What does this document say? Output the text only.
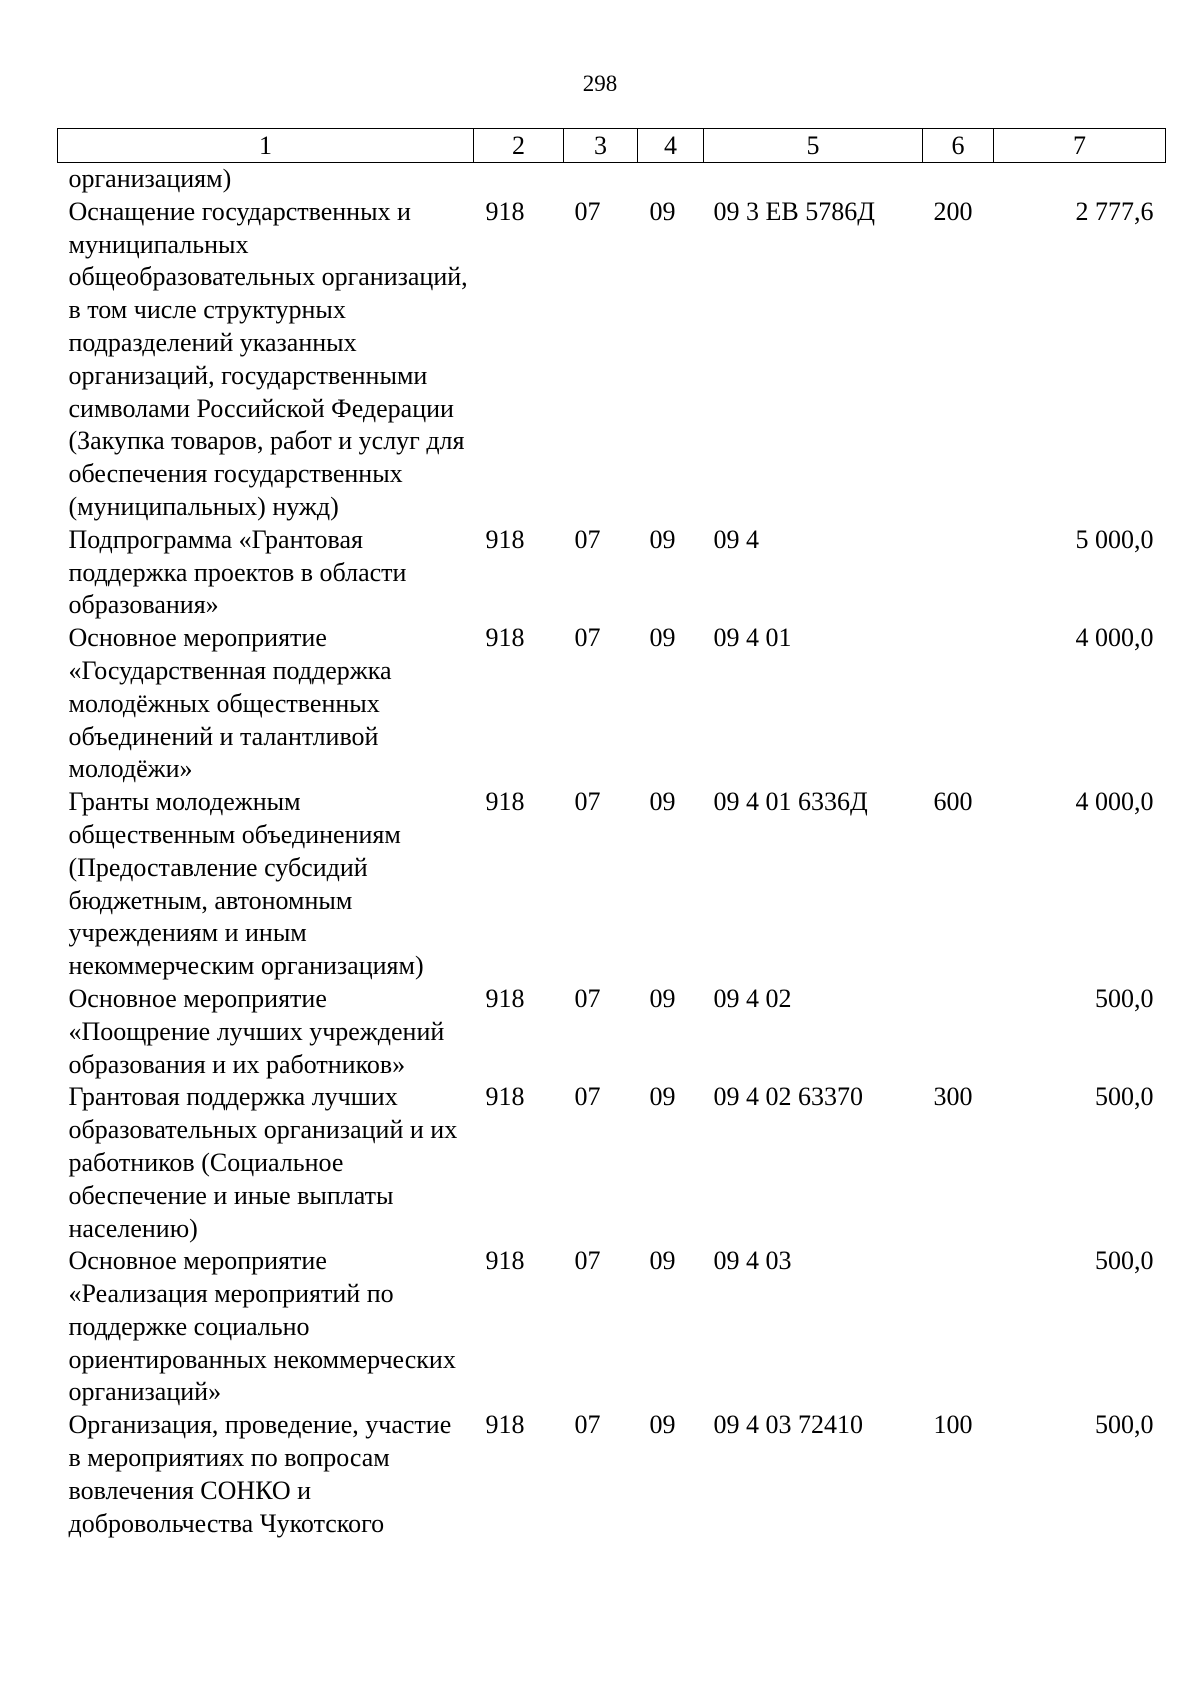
298
1	2	3	4	5	6	7
организациям)						
Оснащение государственных и муниципальных общеобразовательных организаций, в том числе структурных подразделений указанных организаций, государственными символами Российской Федерации (Закупка товаров, работ и услуг для обеспечения государственных (муниципальных) нужд)	918	07	09	09 3 ЕВ 5786Д	200	2 777,6
Подпрограмма «Грантовая поддержка проектов в области образования»	918	07	09	09 4		5 000,0
Основное мероприятие «Государственная поддержка молодёжных общественных объединений и талантливой молодёжи»	918	07	09	09 4 01		4 000,0
Гранты молодежным общественным объединениям (Предоставление субсидий бюджетным, автономным учреждениям и иным некоммерческим организациям)	918	07	09	09 4 01 6336Д	600	4 000,0
Основное мероприятие «Поощрение лучших учреждений образования и их работников»	918	07	09	09 4 02		500,0
Грантовая поддержка лучших образовательных организаций и их работников (Социальное обеспечение и иные выплаты населению)	918	07	09	09 4 02 63370	300	500,0
Основное мероприятие «Реализация мероприятий по поддержке социально ориентированных некоммерческих организаций»	918	07	09	09 4 03		500,0
Организация, проведение, участие в мероприятиях по вопросам вовлечения СОНКО и добровольчества Чукотского	918	07	09	09 4 03 72410	100	500,0
